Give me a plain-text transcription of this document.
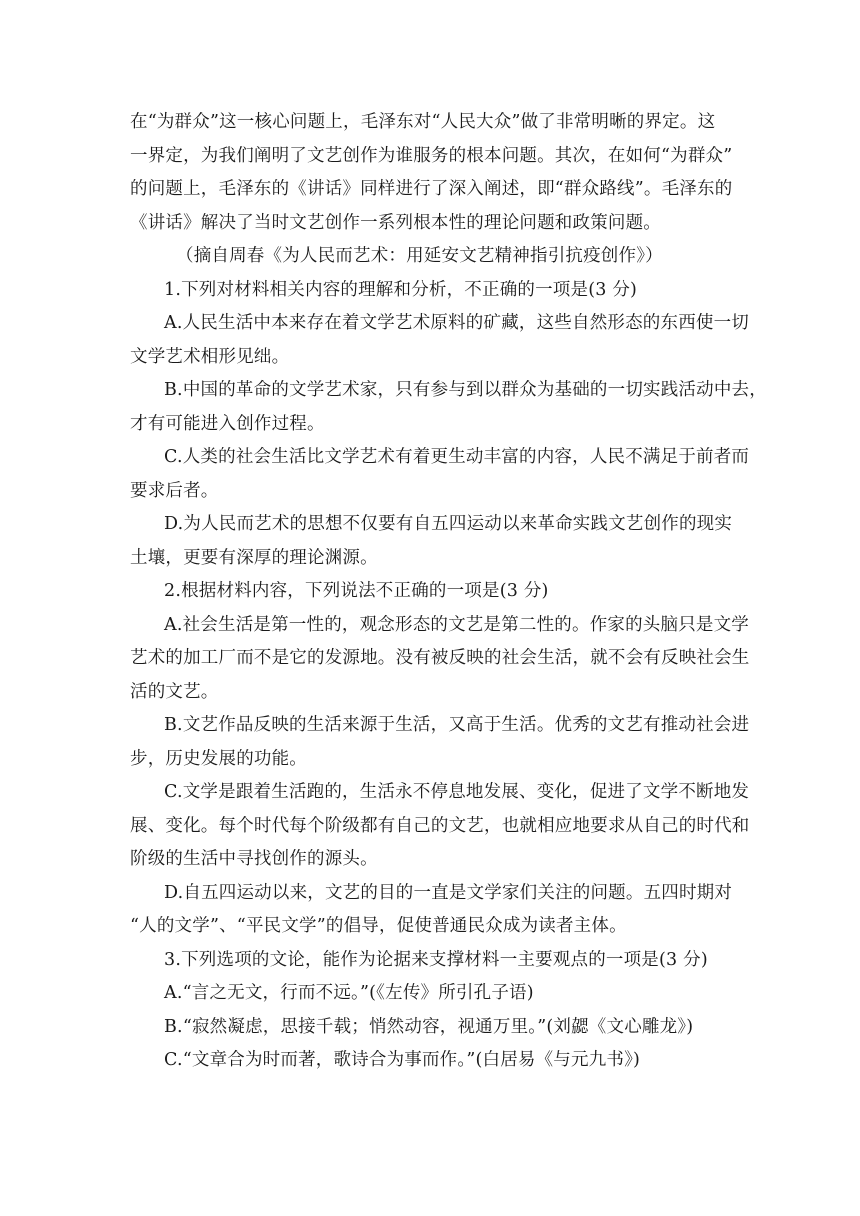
在“为群众”这一核心问题上，毛泽东对“人民大众”做了非常明晰的界定。这
一界定，为我们阐明了文艺创作为谁服务的根本问题。其次，在如何“为群众”
的问题上，毛泽东的《讲话》同样进行了深入阐述，即“群众路线”。毛泽东的
《讲话》解决了当时文艺创作一系列根本性的理论问题和政策问题。
（摘自周春《为人民而艺术：用延安文艺精神指引抗疫创作》）
1.下列对材料相关内容的理解和分析，不正确的一项是(3 分)
A.人民生活中本来存在着文学艺术原料的矿藏，这些自然形态的东西使一切
文学艺术相形见绌。
B.中国的革命的文学艺术家，只有参与到以群众为基础的一切实践活动中去，
才有可能进入创作过程。
C.人类的社会生活比文学艺术有着更生动丰富的内容，人民不满足于前者而
要求后者。
D.为人民而艺术的思想不仅要有自五四运动以来革命实践文艺创作的现实
土壤，更要有深厚的理论渊源。
2.根据材料内容，下列说法不正确的一项是(3 分)
A.社会生活是第一性的，观念形态的文艺是第二性的。作家的头脑只是文学
艺术的加工厂而不是它的发源地。没有被反映的社会生活，就不会有反映社会生
活的文艺。
B.文艺作品反映的生活来源于生活，又高于生活。优秀的文艺有推动社会进
步，历史发展的功能。
C.文学是跟着生活跑的，生活永不停息地发展、变化，促进了文学不断地发
展、变化。每个时代每个阶级都有自己的文艺，也就相应地要求从自己的时代和
阶级的生活中寻找创作的源头。
D.自五四运动以来，文艺的目的一直是文学家们关注的问题。五四时期对
“人的文学”、“平民文学”的倡导，促使普通民众成为读者主体。
3.下列选项的文论，能作为论据来支撑材料一主要观点的一项是(3 分)
A.“言之无文，行而不远。”(《左传》所引孔子语)
B.“寂然凝虑，思接千载；悄然动容，视通万里。”(刘勰《文心雕龙》)
C.“文章合为时而著，歌诗合为事而作。”(白居易《与元九书》)
